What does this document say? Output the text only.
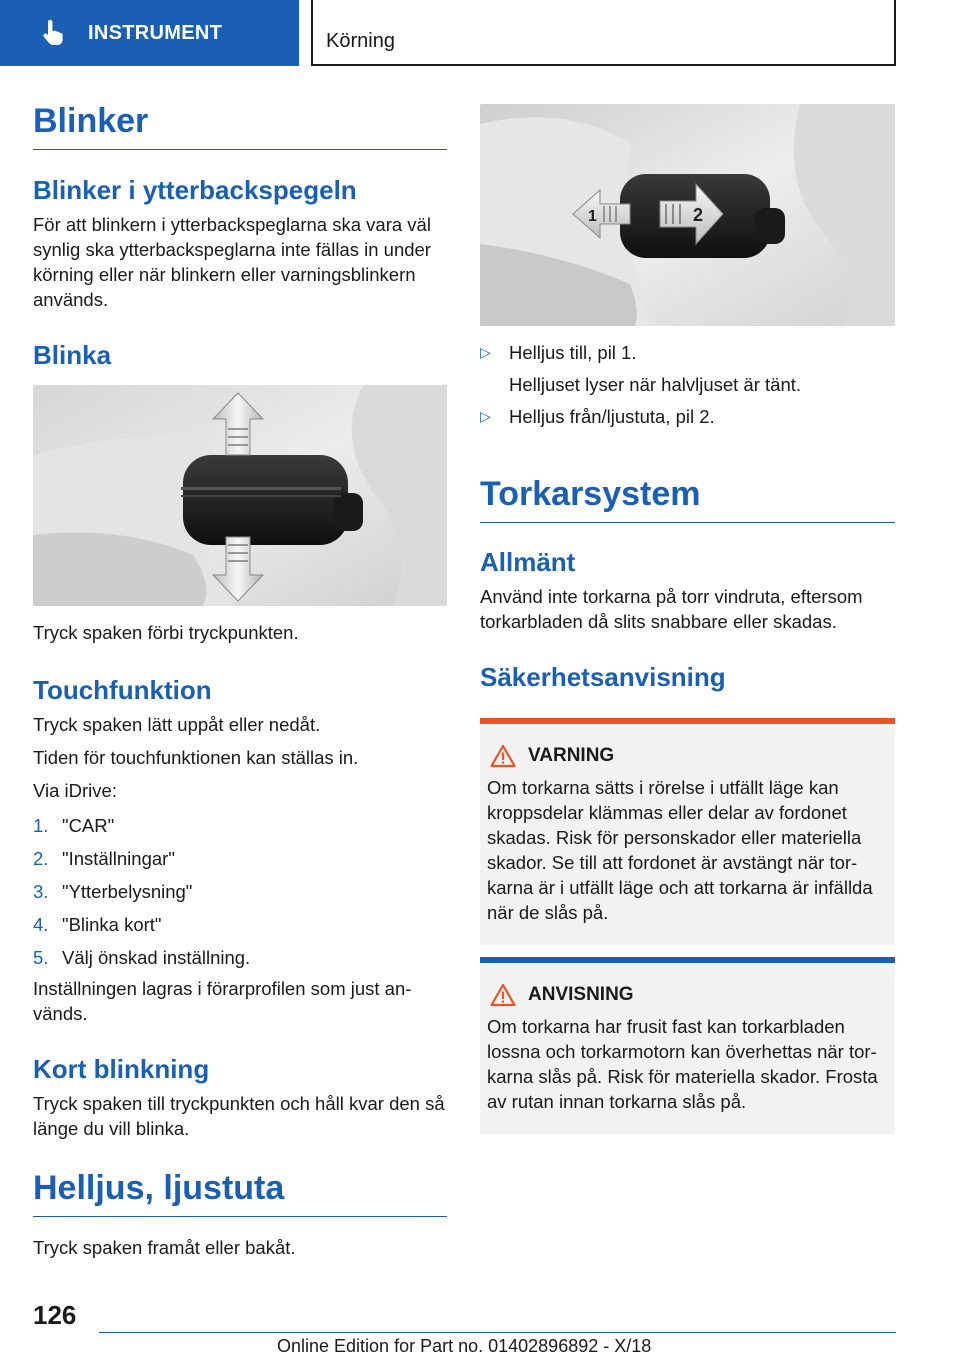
INSTRUMENT	Körning
Blinker
Blinker i ytterbackspegeln

För att blinkern i ytterbackspeglarna ska vara väl synlig ska ytterbackspeglarna inte fällas in under körning eller när blinkern eller varningsblinkern används.

Blinka

Tryck spaken förbi tryckpunkten.

Touchfunktion

Tryck spaken lätt uppåt eller nedåt.

Tiden för touchfunktionen kan ställas in.

Via iDrive:

1. "CAR"
2. "Inställningar"
3. "Ytterbelysning"
4. "Blinka kort"
5. Välj önskad inställning.

Inställningen lagras i förarprofilen som just används.

Kort blinkning

Tryck spaken till tryckpunkten och håll kvar den så länge du vill blinka.

Helljus, ljustuta

Tryck spaken framåt eller bakåt.

1	2
▷ Helljus till, pil 1.
Helljuset lyser när halvljuset är tänt.
▷ Helljus från/ljustuta, pil 2.
Torkarsystem
Allmänt

Använd inte torkarna på torr vindruta, eftersom torkarbladen då slits snabbare eller skadas.

Säkerhetsanvisning
VARNING

Om torkarna sätts i rörelse i utfällt läge kan kroppsdelar klämmas eller delar av fordonet skadas. Risk för personskador eller materiella skador. Se till att fordonet är avstängt när torkarna är i utfällt läge och att torkarna är infällda när de slås på.

ANVISNING

Om torkarna har frusit fast kan torkarbladen lossna och torkarmotorn kan överhettas när torkarna slås på. Risk för materiella skador. Frosta av rutan innan torkarna slås på.

126
Online Edition for Part no. 01402896892 - X/18
